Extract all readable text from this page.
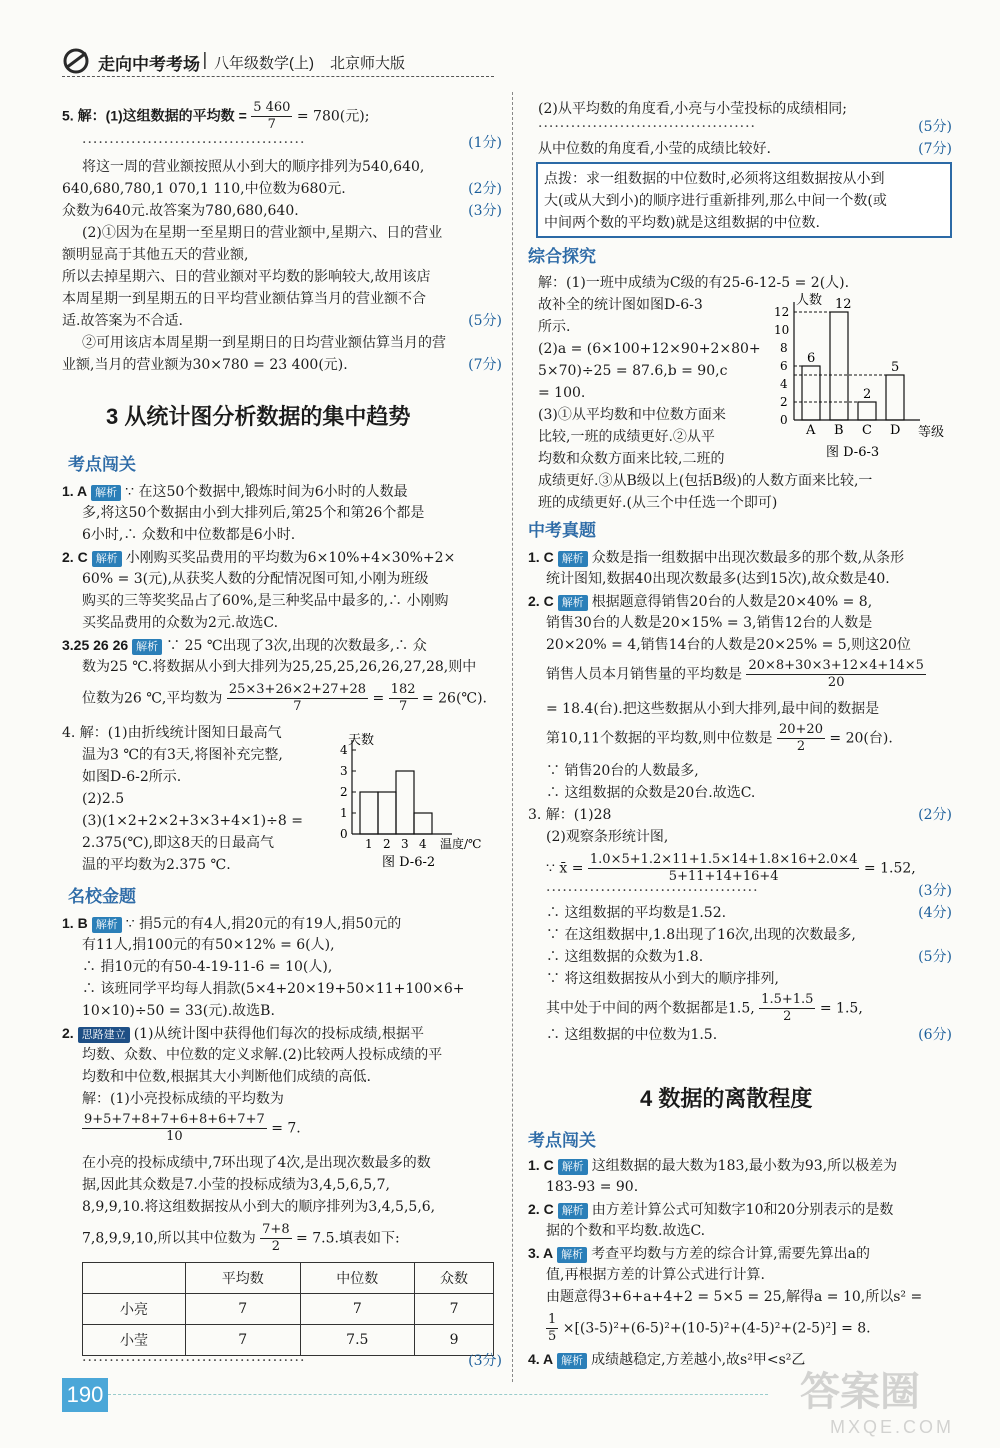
走向中考考场 | 八年级数学(上) 北京师大版
5. 解：(1)这组数据的平均数 = $\frac{5 460}{7} = 780$(元);
·········································	(1分)
将这一周的营业额按照从小到大的顺序排列为540,640,
640,680,780,1 070,1 110,中位数为680元.	(2分)
众数为640元.故答案为780,680,640.	(3分)
(2)①因为在星期一至星期日的营业额中,星期六、日的营业
额明显高于其他五天的营业额,
所以去掉星期六、日的营业额对平均数的影响较大,故用该店
本周星期一到星期五的日平均营业额估算当月的营业额不合
适.故答案为不合适.	(5分)
②可用该店本周星期一到星期日的日均营业额估算当月的营
业额,当月的营业额为30×780 = 23 400(元).	(7分)
3 从统计图分析数据的集中趋势
考点闯关
1. A 解析 ∵ 在这50个数据中,锻炼时间为6小时的人数最
多,将这50个数据由小到大排列后,第25个和第26个都是
6小时,∴ 众数和中位数都是6小时.
2. C 解析 小刚购买奖品费用的平均数为6×10%+4×30%+2×
60% = 3(元),从获奖人数的分配情况图可知,小刚为班级
购买的三等奖奖品占了60%,是三种奖品中最多的,∴ 小刚购
买奖品费用的众数为2元.故选C.
3.25 26 26 解析 ∵ 25 ℃出现了3次,出现的次数最多,∴ 众
数为25 ℃.将数据从小到大排列为25,25,25,26,26,27,28,则中
位数为26 ℃,平均数为 $\frac{25\times 3+26\times 2+27+28}{7} = \frac{182}{7}$ = 26(℃).
4. 解：(1)由折线统计图知日最高气
温为3 ℃的有3天,将图补充完整,
如图D-6-2所示.
(2)2.5
(3)(1×2+2×2+3×3+4×1)÷8 =
2.375(℃),即这8天的日最高气
温的平均数为2.375 ℃.
名校金题
1. B 解析 ∵ 捐5元的有4人,捐20元的有19人,捐50元的
有11人,捐100元的有50×12% = 6(人),
∴ 捐10元的有50-4-19-11-6 = 10(人),
∴ 该班同学平均每人捐款(5×4+20×19+50×11+100×6+
10×10)÷50 = 33(元).故选B.
2. 思路建立 (1)从统计图中获得他们每次的投标成绩,根据平
均数、众数、中位数的定义求解.(2)比较两人投标成绩的平
均数和中位数,根据其大小判断他们成绩的高低.
解：(1)小亮投标成绩的平均数为
$\frac{9+5+7+8+7+6+8+6+7+7}{10} = 7$.
在小亮的投标成绩中,7环出现了4次,是出现次数最多的数
据,因此其众数是7.小莹的投标成绩为3,4,5,6,5,7,
8,9,9,10.将这组数据按从小到大的顺序排列为3,4,5,5,6,
7,8,9,9,10,所以其中位数为 $\frac{7+8}{2} = 7.5$.填表如下:
	平均数	中位数	众数
小亮	7	7	7
小莹	7	7.5	9
·········································	(3分)
天数
温度/℃
图 D-6-2
0
1
2
3
4
1 2 3 4
(2)从平均数的角度看,小亮与小莹投标的成绩相同;
········································	(5分)
从中位数的角度看,小莹的成绩比较好.	(7分)
点拨：求一组数据的中位数时,必须将这组数据按从小到
大(或从大到小)的顺序进行重新排列,那么中间一个数(或
中间两个数的平均数)就是这组数据的中位数.
综合探究
解：(1)一班中成绩为C级的有25-6-12-5 = 2(人).
故补全的统计图如图D-6-3
所示.
(2)a = (6×100+12×90+2×80+
5×70)÷25 = 87.6,b = 90,c
= 100.
(3)①从平均数和中位数方面来
比较,一班的成绩更好.②从平
均数和众数方面来比较,二班的
成绩更好.③从B级以上(包括B级)的人数方面来比较,一
班的成绩更好.(从三个中任选一个即可)
中考真题
1. C 解析 众数是指一组数据中出现次数最多的那个数,从条形
统计图知,数据40出现次数最多(达到15次),故众数是40.
2. C 解析 根据题意得销售20台的人数是20×40% = 8,
销售30台的人数是20×15% = 3,销售12台的人数是
20×20% = 4,销售14台的人数是20×25% = 5,则这20位
销售人员本月销售量的平均数是 $\frac{20\times 8+30\times 3+12\times 4+14\times 5}{20}$
= 18.4(台).把这些数据从小到大排列,最中间的数据是
第10,11个数据的平均数,则中位数是 $\frac{20+20}{2} = 20$(台).
∵ 销售20台的人数最多,
∴ 这组数据的众数是20台.故选C.
3. 解：(1)28	(2分)
(2)观察条形统计图,
∵ x̄ = $\frac{1.0\times 5+1.2\times 11+1.5\times 14+1.8\times 16+2.0\times 4}{5+11+14+16+4} = 1.52$,
·······································	(3分)
∴ 这组数据的平均数是1.52.	(4分)
∵ 在这组数据中,1.8出现了16次,出现的次数最多,
∴ 这组数据的众数为1.8.	(5分)
∵ 将这组数据按从小到大的顺序排列,
其中处于中间的两个数据都是1.5, $\frac{1.5+1.5}{2} = 1.5$,
∴ 这组数据的中位数为1.5.	(6分)
4 数据的离散程度
考点闯关
1. C 解析 这组数据的最大数为183,最小数为93,所以极差为
183-93 = 90.
2. C 解析 由方差计算公式可知数字10和20分别表示的是数
据的个数和平均数.故选C.
3. A 解析 考查平均数与方差的综合计算,需要先算出a的
值,再根据方差的计算公式进行计算.
由题意得3+6+a+4+2 = 5×5 = 25,解得a = 10,所以s² =
$\frac{1}{5} \times[(3-5)^2+(6-5)^2+(10-5)^2+(4-5)^2+(2-5)^2] = 8$.
4. A 解析 成绩越稳定,方差越小,故s²甲<s²乙
人数
等级
图 D-6-3
0
2
4
6
8
10
12
A B C D
6
12
2
5
190	答案圈
MXQE.COM
